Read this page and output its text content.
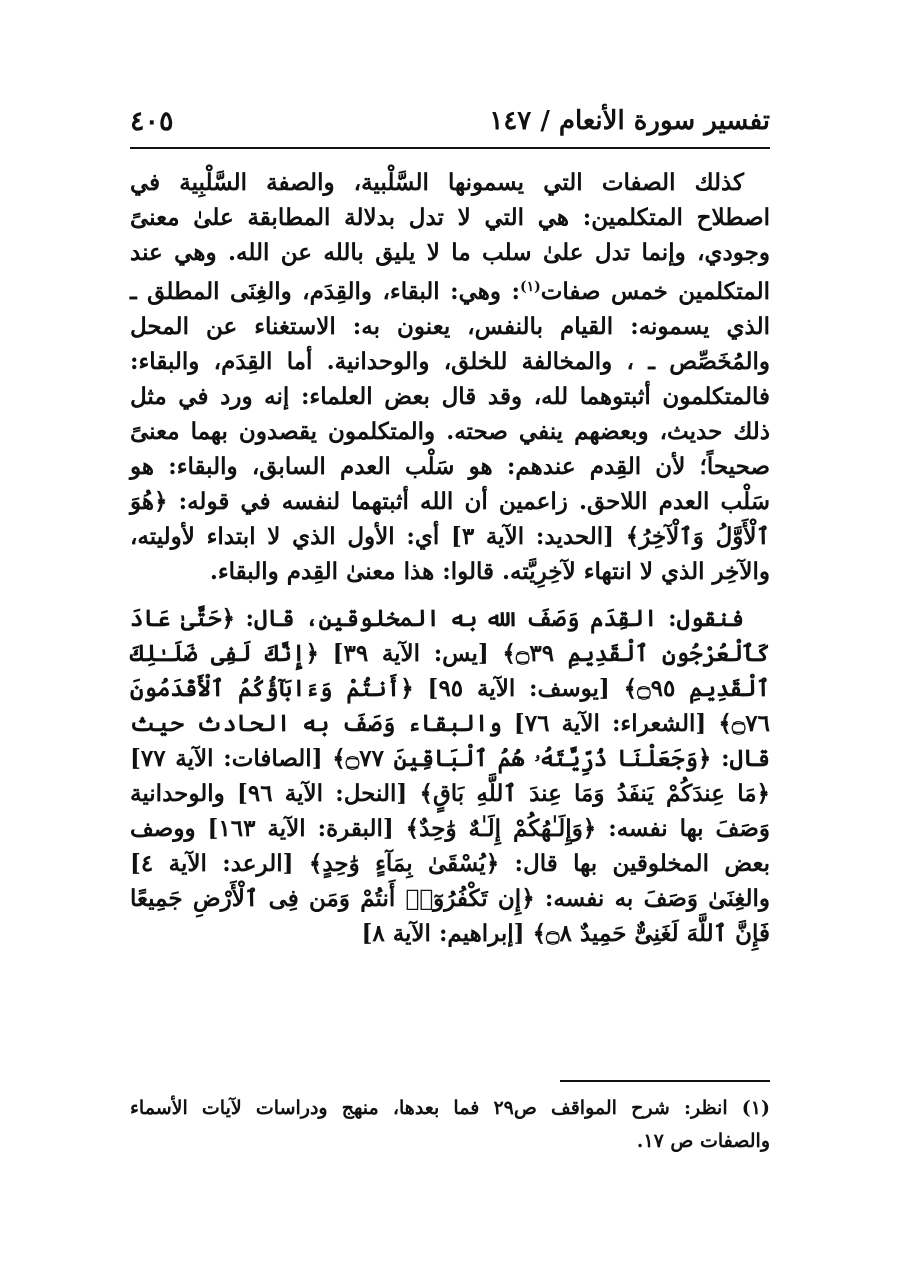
تفسير سورة الأنعام / ١٤٧
٤٠٥

كذلك الصفات التي يسمونها السَّلْبية، والصفة السَّلْبِية في اصطلاح المتكلمين: هي التي لا تدل بدلالة المطابقة علىٰ معنىً وجودي، وإنما تدل علىٰ سلب ما لا يليق بالله عن الله. وهي عند المتكلمين خمس صفات$^{(١)}$: وهي: البقاء، والقِدَم، والغِنَى المطلق ـ الذي يسمونه: القيام بالنفس، يعنون به: الاستغناء عن المحل والمُخَصِّص ـ ، والمخالفة للخلق، والوحدانية. أما القِدَم، والبقاء: فالمتكلمون أثبتوهما لله، وقد قال بعض العلماء: إنه ورد في مثل ذلك حديث، وبعضهم ينفي صحته. والمتكلمون يقصدون بهما معنىً صحيحاً؛ لأن القِدم عندهم: هو سَلْب العدم السابق، والبقاء: هو سَلْب العدم اللاحق. زاعمين أن الله أثبتهما لنفسه في قوله: ﴿هُوَ ٱلْأَوَّلُ وَٱلْآخِرُ﴾ [الحديد: الآية ٣] أي: الأول الذي لا ابتداء لأوليته، والآخِر الذي لا انتهاء لآخِرِيَّته. قالوا: هذا معنىٰ القِدم والبقاء.

فنقول: القِدَم وَصَفَ الله به المخلوقين، قال: ﴿حَتَّىٰ عَادَ كَٱلْعُرْجُونِ ٱلْقَدِيمِ ۝٣٩﴾ [يس: الآية ٣٩] ﴿إِنَّكَ لَفِى ضَلَـٰلِكَ ٱلْقَدِيمِ ۝٩٥﴾ [يوسف: الآية ٩٥] ﴿أَنتُمْ وَءَابَآؤُكُمُ ٱلْأَقْدَمُونَ ۝٧٦﴾ [الشعراء: الآية ٧٦] والبقاء وَصَفَ به الحادث حيث قال: ﴿وَجَعَلْنَا ذُرِّيَّتَهُۥ هُمُ ٱلْبَاقِينَ ۝٧٧﴾ [الصافات: الآية ٧٧] ﴿مَا عِندَكُمْ يَنفَدُ وَمَا عِندَ ٱللَّهِ بَاقٍ﴾ [النحل: الآية ٩٦] والوحدانية وَصَفَ بها نفسه: ﴿وَإِلَـٰهُكُمْ إِلَـٰهٌ وَٰحِدٌ﴾ [البقرة: الآية ١٦٣] ووصف بعض المخلوقين بها قال: ﴿يُسْقَىٰ بِمَآءٍ وَٰحِدٍ﴾ [الرعد: الآية ٤] والغِنَىٰ وَصَفَ به نفسه: ﴿إِن تَكْفُرُوٓا۟ أَنتُمْ وَمَن فِى ٱلْأَرْضِ جَمِيعًا فَإِنَّ ٱللَّهَ لَغَنِىٌّ حَمِيدٌ ۝٨﴾ [إبراهيم: الآية ٨]

(١) انظر: شرح المواقف ص٢٩ فما بعدها، منهج ودراسات لآيات الأسماء والصفات ص ١٧.
